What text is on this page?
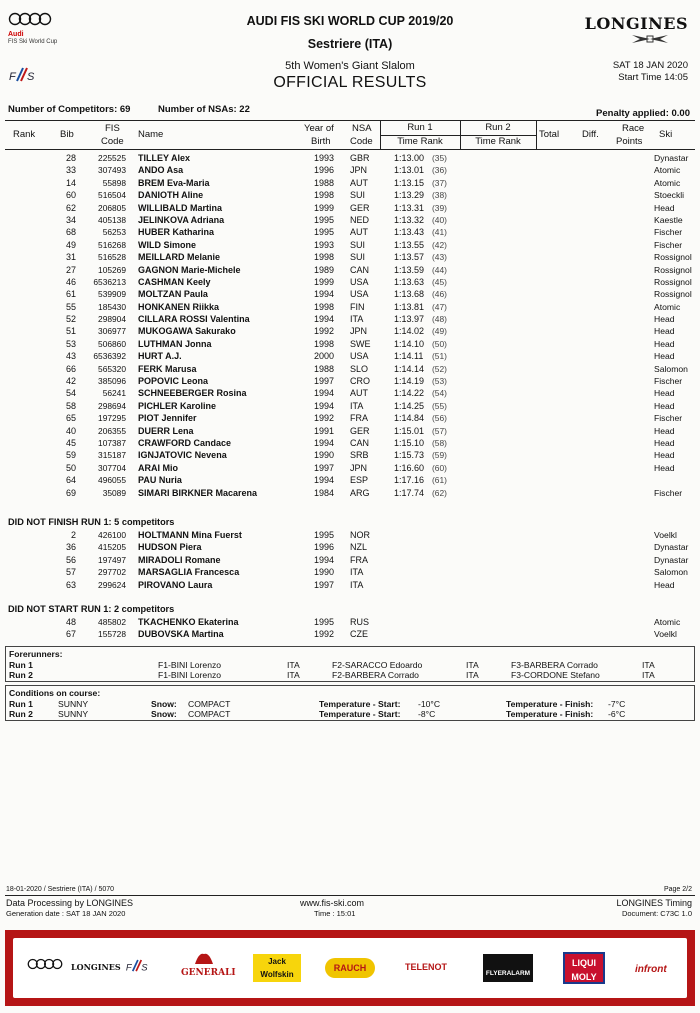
Audi
FIS Ski World Cup
F S
AUDI FIS SKI WORLD CUP 2019/20
Sestriere (ITA)
5th Women's Giant Slalom
OFFICIAL RESULTS
LONGINES
SAT 18 JAN 2020
Start Time 14:05
Number of Competitors: 69	Number of NSAs: 22	Penalty applied: 0.00
Rank	Bib
FIS
Code
Name
Year of
Birth
NSA
Code
Run 1	Run 2
Time Rank	Time Rank
Total Diff.
Race
Points
Ski
28	225525 TILLEY Alex	1993 GBR	1:13.00 (35)	Dynastar
33	307493 ANDO Asa	1996 JPN	1:13.01 (36)	Atomic
14	55898 BREM Eva-Maria	1988 AUT	1:13.15 (37)	Atomic
60	516504 DANIOTH Aline	1998 SUI	1:13.29 (38)	Stoeckli
62	206805 WILLIBALD Martina	1999 GER	1:13.31 (39)	Head
34	405138 JELINKOVA Adriana	1995 NED	1:13.32 (40)	Kaestle
68	56253 HUBER Katharina	1995 AUT	1:13.43 (41)	Fischer
49	516268 WILD Simone	1993 SUI	1:13.55 (42)	Fischer
31	516528 MEILLARD Melanie	1998 SUI	1:13.57 (43)	Rossignol
27	105269 GAGNON Marie-Michele	1989 CAN	1:13.59 (44)	Rossignol
46	6536213 CASHMAN Keely	1999 USA	1:13.63 (45)	Rossignol
61	539909 MOLTZAN Paula	1994 USA	1:13.68 (46)	Rossignol
55	185430 HONKANEN Riikka	1998 FIN	1:13.81 (47)	Atomic
52	298904 CILLARA ROSSI Valentina	1994 ITA	1:13.97 (48)	Head
51	306977 MUKOGAWA Sakurako	1992 JPN	1:14.02 (49)	Head
53	506860 LUTHMAN Jonna	1998 SWE	1:14.10 (50)	Head
43	6536392 HURT A.J.	2000 USA	1:14.11 (51)	Head
66	565320 FERK Marusa	1988 SLO	1:14.14 (52)	Salomon
42	385096 POPOVIC Leona	1997 CRO	1:14.19 (53)	Fischer
54	56241 SCHNEEBERGER Rosina	1994 AUT	1:14.22 (54)	Head
58	298694 PICHLER Karoline	1994 ITA	1:14.25 (55)	Head
65	197295 PIOT Jennifer	1992 FRA	1:14.84 (56)	Fischer
40	206355 DUERR Lena	1991 GER	1:15.01 (57)	Head
45	107387 CRAWFORD Candace	1994 CAN	1:15.10 (58)	Head
59	315187 IGNJATOVIC Nevena	1990 SRB	1:15.73 (59)	Head
50	307704 ARAI Mio	1997 JPN	1:16.60 (60)	Head
64	496055 PAU Nuria	1994 ESP	1:17.16 (61)
69	35089 SIMARI BIRKNER Macarena	1984 ARG	1:17.74 (62)	Fischer
DID NOT FINISH RUN 1: 5 competitors
2	426100 HOLTMANN Mina Fuerst	1995 NOR	Voelkl
36	415205 HUDSON Piera	1996 NZL	Dynastar
56	197497 MIRADOLI Romane	1994 FRA	Dynastar
57	297702 MARSAGLIA Francesca	1990 ITA	Salomon
63	299624 PIROVANO Laura	1997 ITA	Head
DID NOT START RUN 1: 2 competitors
48	485802 TKACHENKO Ekaterina	1995 RUS	Atomic
67	155728 DUBOVSKA Martina	1992 CZE	Voelkl
Forerunners:
Run 1	F1-BINI Lorenzo	ITA	F2-SARACCO Edoardo	ITA	F3-BARBERA Corrado	ITA
Run 2	F1-BINI Lorenzo	ITA	F2-BARBERA Corrado	ITA	F3-CORDONE Stefano	ITA
Conditions on course:
Run 1	SUNNY	Snow: COMPACT	Temperature - Start: -10°C	Temperature - Finish: -7°C
Run 2	SUNNY	Snow: COMPACT	Temperature - Start: -8°C	Temperature - Finish: -6°C
18-01-2020 / Sestriere (ITA) / 5070	Page 2/2
Data Processing by LONGINES	www.fis-ski.com	LONGINES Timing
Generation date : SAT 18 JAN 2020	Time : 15:01	Document: C73C 1.0
LONGINES F S
GENERALI
Jack Wolfskin
RAUCH	TELENOT
FLYERALARM
LIQUI MOLY
infront
